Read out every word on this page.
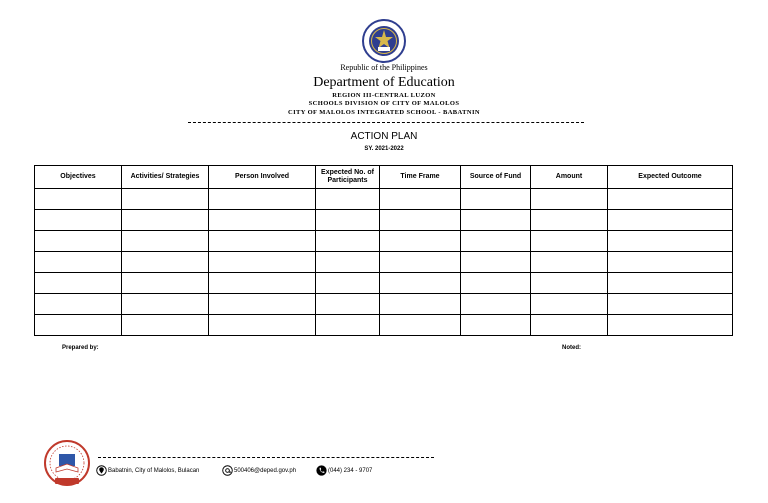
Republic of the Philippines
Department of Education
REGION III-CENTRAL LUZON
SCHOOLS DIVISION OF CITY OF MALOLOS
CITY OF MALOLOS INTEGRATED SCHOOL - BABATNIN
ACTION PLAN
SY. 2021-2022
Objectives	Activities/ Strategies	Person Involved	Expected No. of Participants	Time Frame	Source of Fund	Amount	Expected Outcome

Prepared by:	Noted:
Babatnin, City of Malolos, Bulacan	500406@deped.gov.ph	(044) 234 - 9707
